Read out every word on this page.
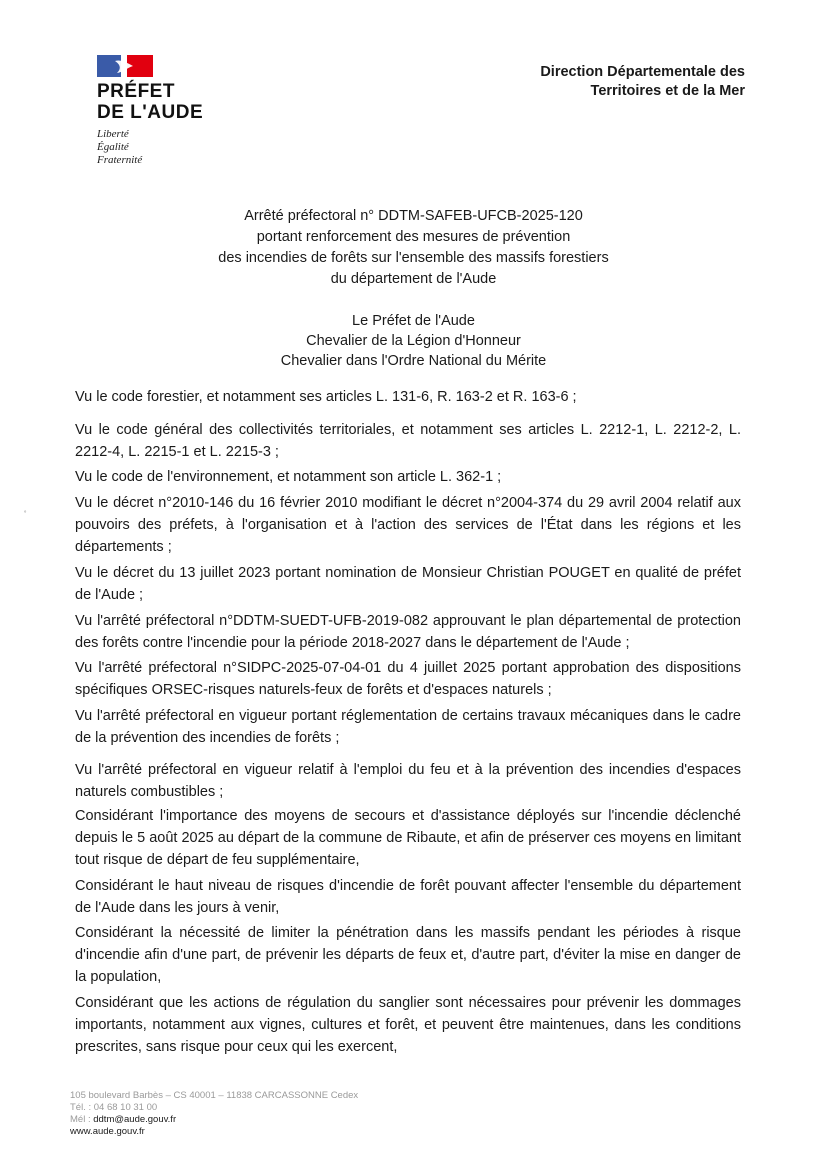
PRÉFET
DE L'AUDE
Liberté
Égalité
Fraternité
Direction Départementale des
Territoires et de la Mer
Arrêté préfectoral n° DDTM-SAFEB-UFCB-2025-120
portant renforcement des mesures de prévention
des incendies de forêts sur l'ensemble des massifs forestiers
du département de l'Aude
Le Préfet de l'Aude
Chevalier de la Légion d'Honneur
Chevalier dans l'Ordre National du Mérite
˚

Vu le code forestier, et notamment ses articles L. 131-6, R. 163-2 et R. 163-6 ;

Vu le code général des collectivités territoriales, et notamment ses articles L. 2212-1, L. 2212-2, L. 2212-4, L. 2215-1 et L. 2215-3 ;

Vu le code de l'environnement, et notamment son article L. 362-1 ;

Vu le décret n°2010-146 du 16 février 2010 modifiant le décret n°2004-374 du 29 avril 2004 relatif aux pouvoirs des préfets, à l'organisation et à l'action des services de l'État dans les régions et les départements ;

Vu le décret du 13 juillet 2023 portant nomination de Monsieur Christian POUGET en qualité de préfet de l'Aude ;

Vu l'arrêté préfectoral n°DDTM-SUEDT-UFB-2019-082 approuvant le plan départemental de protection des forêts contre l'incendie pour la période 2018-2027 dans le département de l'Aude ;

Vu l'arrêté préfectoral n°SIDPC-2025-07-04-01 du 4 juillet 2025 portant approbation des dispositions spécifiques ORSEC-risques naturels-feux de forêts et d'espaces naturels ;

Vu l'arrêté préfectoral en vigueur portant réglementation de certains travaux mécaniques dans le cadre de la prévention des incendies de forêts ;

Vu l'arrêté préfectoral en vigueur relatif à l'emploi du feu et à la prévention des incendies d'espaces naturels combustibles ;

Considérant l'importance des moyens de secours et d'assistance déployés sur l'incendie déclenché depuis le 5 août 2025 au départ de la commune de Ribaute, et afin de préserver ces moyens en limitant tout risque de départ de feu supplémentaire,

Considérant le haut niveau de risques d'incendie de forêt pouvant affecter l'ensemble du département de l'Aude dans les jours à venir,

Considérant la nécessité de limiter la pénétration dans les massifs pendant les périodes à risque d'incendie afin d'une part, de prévenir les départs de feux et, d'autre part, d'éviter la mise en danger de la population,

Considérant que les actions de régulation du sanglier sont nécessaires pour prévenir les dommages importants, notamment aux vignes, cultures et forêt, et peuvent être maintenues, dans les conditions prescrites, sans risque pour ceux qui les exercent,

105 boulevard Barbès – CS 40001 – 11838 CARCASSONNE Cedex
Tél. : 04 68 10 31 00
Mél : ddtm@aude.gouv.fr
www.aude.gouv.fr
